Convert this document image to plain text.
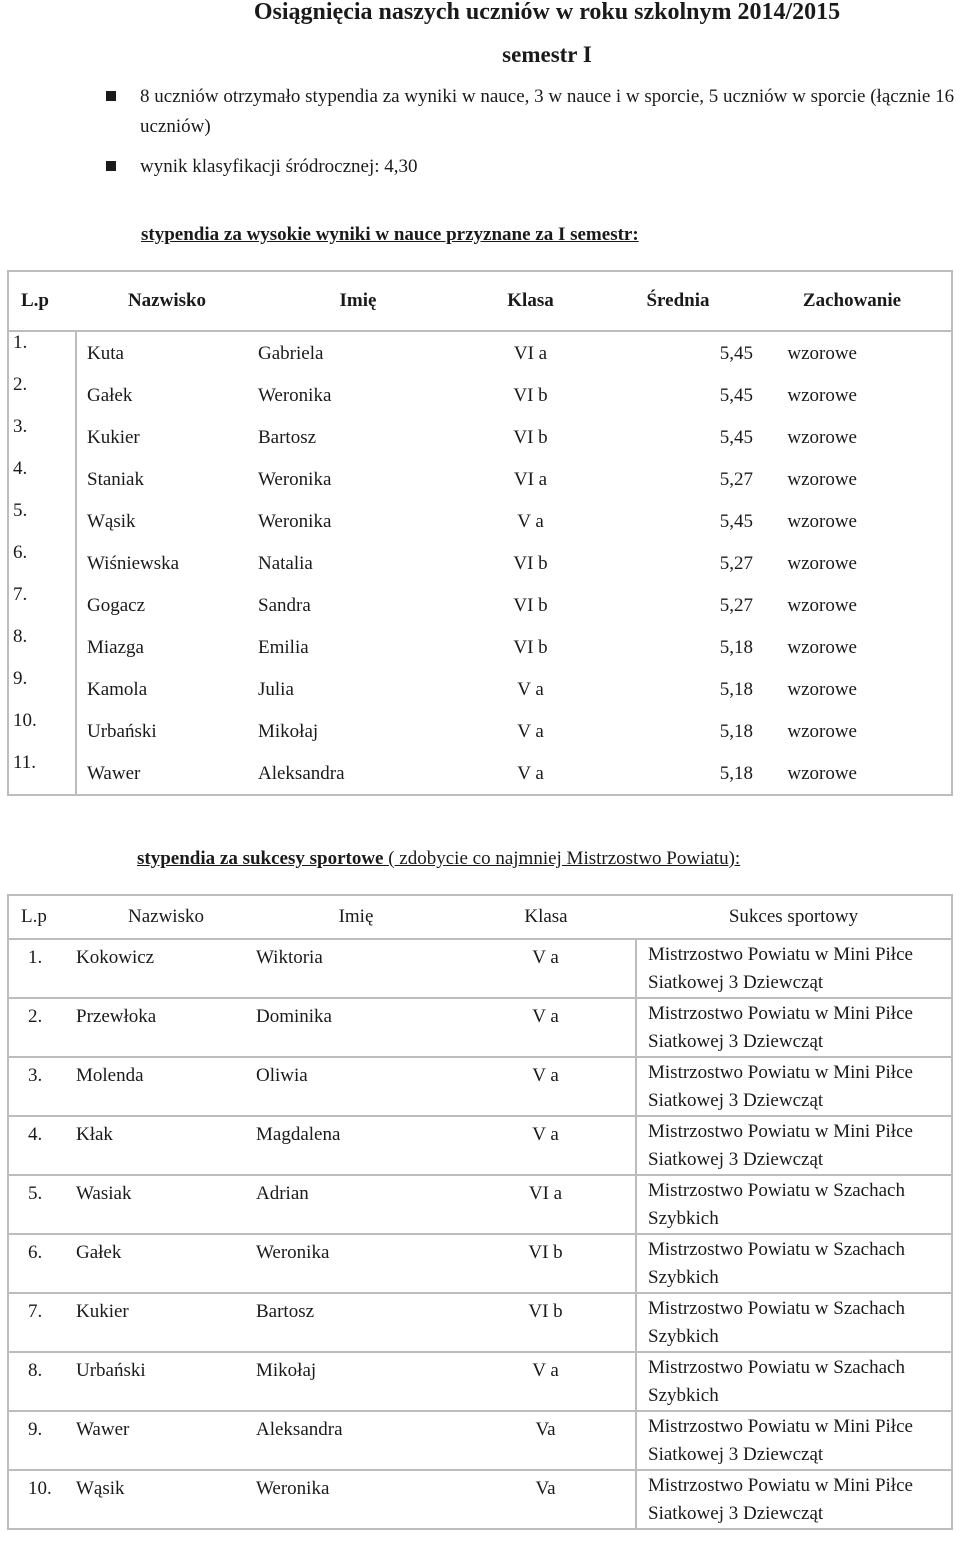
Osiągnięcia naszych uczniów w roku szkolnym 2014/2015
semestr I
8 uczniów otrzymało stypendia za wyniki w nauce, 3 w nauce i w sporcie, 5 uczniów w sporcie (łącznie 16 uczniów)
wynik klasyfikacji śródrocznej: 4,30

stypendia za wysokie wyniki w nauce przyznane za I semestr:

L.p	Nazwisko	Imię	Klasa	Średnia	Zachowanie
1.	Kuta	Gabriela	VI a	5,45	wzorowe

2.	Gałek	Weronika	VI b	5,45	wzorowe

3.	Kukier	Bartosz	VI b	5,45	wzorowe

4.	Staniak	Weronika	VI a	5,27	wzorowe

5.	Wąsik	Weronika	V a	5,45	wzorowe

6.	Wiśniewska	Natalia	VI b	5,27	wzorowe

7.	Gogacz	Sandra	VI b	5,27	wzorowe

8.	Miazga	Emilia	VI b	5,18	wzorowe

9.	Kamola	Julia	V a	5,18	wzorowe

10.	Urbański	Mikołaj	V a	5,18	wzorowe

11.	Wawer	Aleksandra	V a	5,18	wzorowe

stypendia za sukcesy sportowe ( zdobycie co najmniej Mistrzostwo Powiatu):

L.p	Nazwisko	Imię	Klasa	Sukces sportowy

1.	Kokowicz	Wiktoria	V a	Mistrzostwo Powiatu w Mini Piłce Siatkowej 3 Dziewcząt

2.	Przewłoka	Dominika	V a	Mistrzostwo Powiatu w Mini Piłce Siatkowej 3 Dziewcząt

3.	Molenda	Oliwia	V a	Mistrzostwo Powiatu w Mini Piłce Siatkowej 3 Dziewcząt

4.	Kłak	Magdalena	V a	Mistrzostwo Powiatu w Mini Piłce Siatkowej 3 Dziewcząt

5.	Wasiak	Adrian	VI a	Mistrzostwo Powiatu w Szachach Szybkich

6.	Gałek	Weronika	VI b	Mistrzostwo Powiatu w Szachach Szybkich

7.	Kukier	Bartosz	VI b	Mistrzostwo Powiatu w Szachach Szybkich

8.	Urbański	Mikołaj	V a	Mistrzostwo Powiatu w Szachach Szybkich

9.	Wawer	Aleksandra	Va	Mistrzostwo Powiatu w Mini Piłce Siatkowej 3 Dziewcząt

10.	Wąsik	Weronika	Va	Mistrzostwo Powiatu w Mini Piłce Siatkowej 3 Dziewcząt
